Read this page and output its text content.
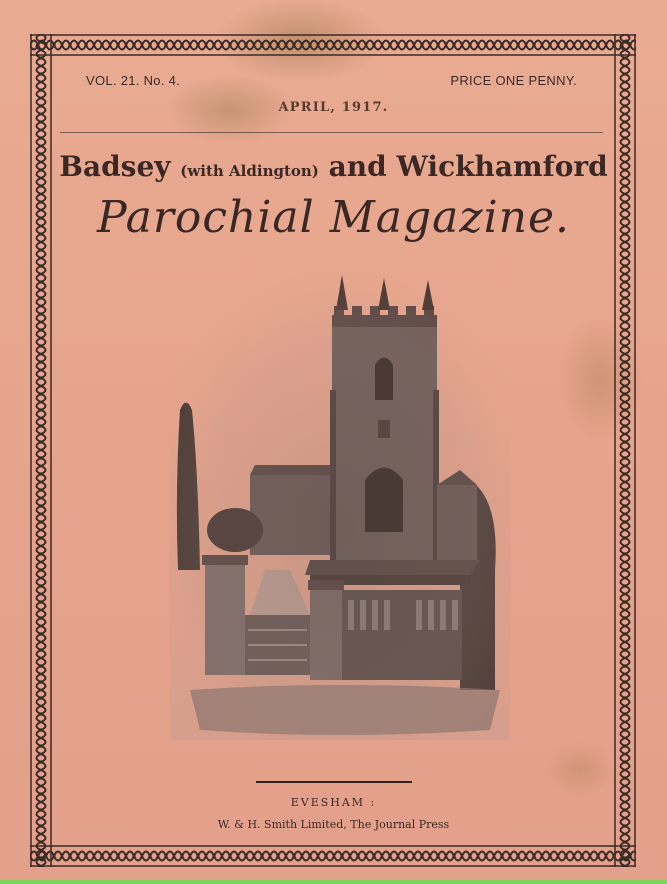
VOL. 21. No. 4.	PRICE ONE PENNY.
APRIL, 1917.
Badsey (with Aldington) and Wickhamford
Parochial Magazine.
EVESHAM :
W. & H. Smith Limited, The Journal Press
